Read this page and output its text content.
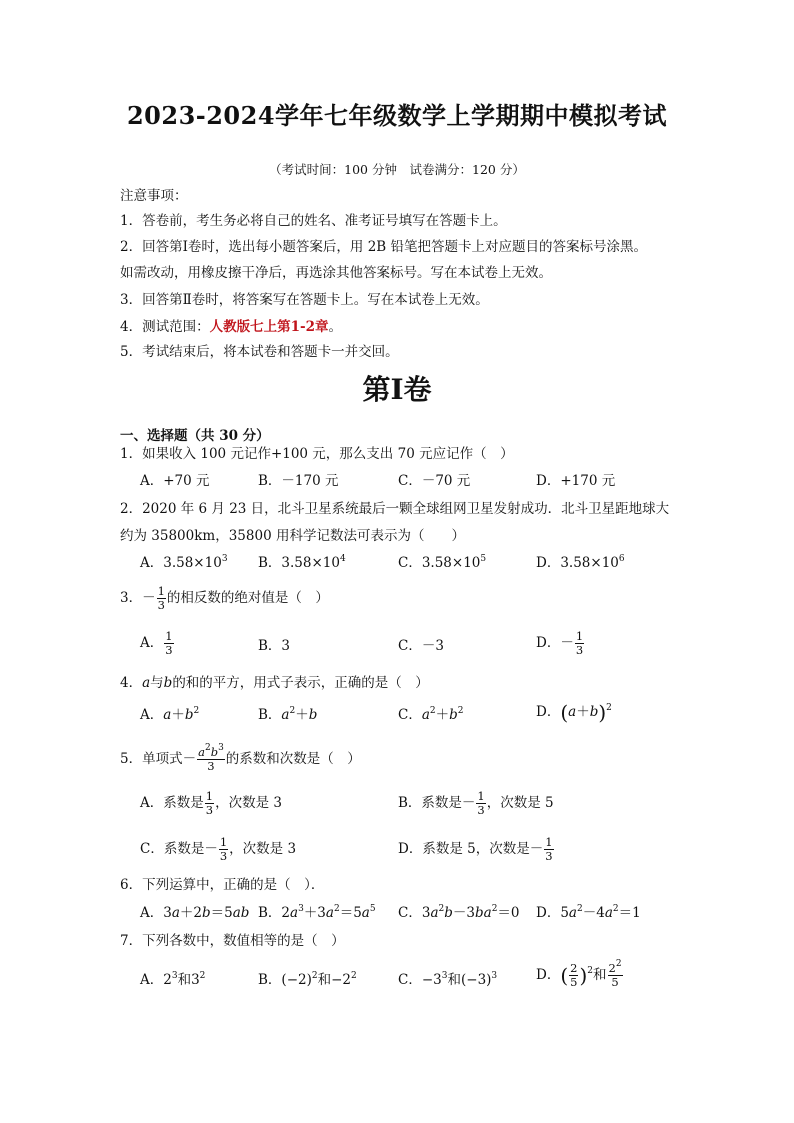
2023-2024学年七年级数学上学期期中模拟考试
（考试时间：100 分钟　试卷满分：120 分）
注意事项：
1．答卷前，考生务必将自己的姓名、准考证号填写在答题卡上。
2．回答第Ⅰ卷时，选出每小题答案后，用 2B 铅笔把答题卡上对应题目的答案标号涂黑。
如需改动，用橡皮擦干净后，再选涂其他答案标号。写在本试卷上无效。
3．回答第Ⅱ卷时，将答案写在答题卡上。写在本试卷上无效。
4．测试范围：人教版七上第1-2章。
5．考试结束后，将本试卷和答题卡一并交回。
第Ⅰ卷
一、选择题（共 30 分）
1．如果收入 100 元记作+100 元，那么支出 70 元应记作（　）
A．+70 元	B．－170 元	C．－70 元	D．+170 元
2．2020 年 6 月 23 日，北斗卫星系统最后一颗全球组网卫星发射成功．北斗卫星距地球大
约为 35800km，35800 用科学记数法可表示为（　　）
A．$3.58\times 10^3$ B．$3.58\times 10^4$	C．$3.58\times 10^5$	D．$3.58\times 10^6$
3．－ $\frac{1}{3}$ 的相反数的绝对值是（　）
A． $\frac{1}{3}$	B．3	C．－3	D．－ $\frac{1}{3}$
4．a与b的和的平方，用式子表示，正确的是（　）
A．$a+b^2$	B．$a^2+b$	C．$a^2+b^2$	D．$(a+b)^2$
5．单项式－ $\frac{a^2b^3}{3}$ 的系数和次数是（　）
A．系数是 $\frac{1}{3}$ ，次数是 3	B．系数是－ $\frac{1}{3}$ ，次数是 5
C．系数是－ $\frac{1}{3}$ ，次数是 3	D．系数是 5，次数是－ $\frac{1}{3}$
6．下列运算中，正确的是（　）．
A．3a＋2b＝5ab B．$2a^3+3a^2=5a^5$ C．$3a^2b-3ba^2=0$ D．$5a^2-4a^2=1$
7．下列各数中，数值相等的是（　）
A．$2^3$和$3^2$	B．$(-2)^2$和$-2^2$	C．$-3^3$和$(-3)^3$	D．( $\frac{2}{5} )^2$和 $\frac{2^2}{5}$
